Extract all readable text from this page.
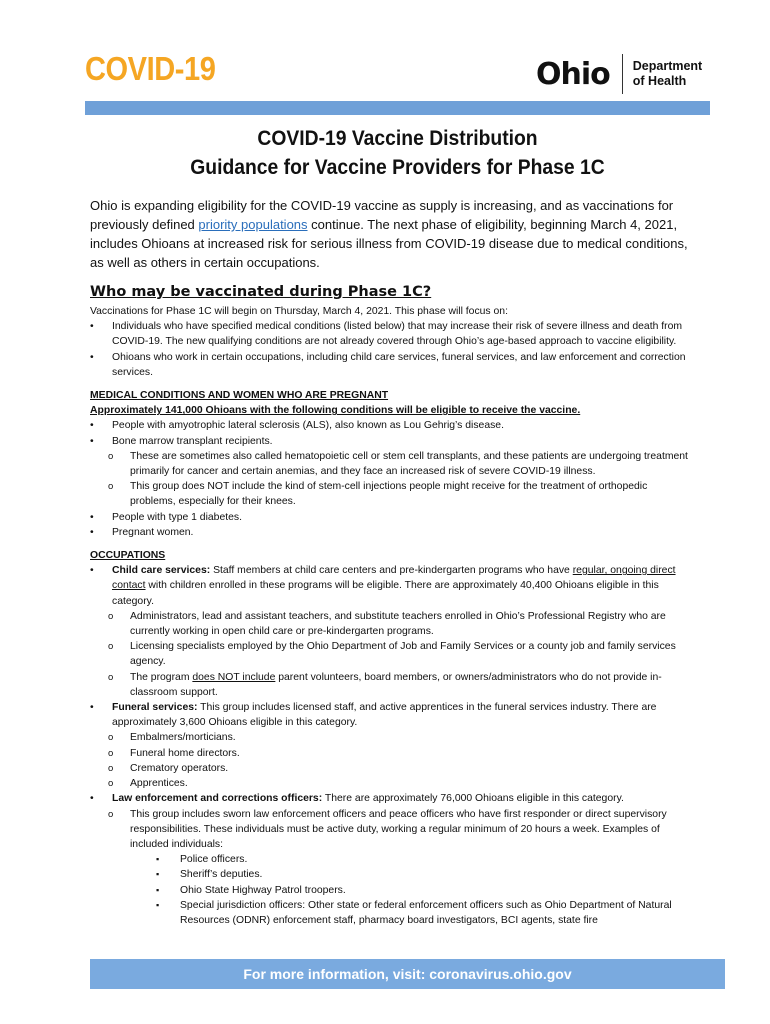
COVID-19	Ohio Department
of Health
COVID-19 Vaccine Distribution
Guidance for Vaccine Providers for Phase 1C

Ohio is expanding eligibility for the COVID-19 vaccine as supply is increasing, and as vaccinations for previously defined priority populations continue. The next phase of eligibility, beginning March 4, 2021, includes Ohioans at increased risk for serious illness from COVID-19 disease due to medical conditions, as well as others in certain occupations.

Who may be vaccinated during Phase 1C?

Vaccinations for Phase 1C will begin on Thursday, March 4, 2021. This phase will focus on:

• Individuals who have specified medical conditions (listed below) that may increase their risk of severe illness and death from COVID-19. The new qualifying conditions are not already covered through Ohio’s age-based approach to vaccine eligibility.
• Ohioans who work in certain occupations, including child care services, funeral services, and law enforcement and correction services.
MEDICAL CONDITIONS AND WOMEN WHO ARE PREGNANT
Approximately 141,000 Ohioans with the following conditions will be eligible to receive the vaccine.
• People with amyotrophic lateral sclerosis (ALS), also known as Lou Gehrig’s disease.
• Bone marrow transplant recipients.
o These are sometimes also called hematopoietic cell or stem cell transplants, and these patients are undergoing treatment primarily for cancer and certain anemias, and they face an increased risk of severe COVID-19 illness.
o This group does NOT include the kind of stem-cell injections people might receive for the treatment of orthopedic problems, especially for their knees.
• People with type 1 diabetes.
• Pregnant women.
OCCUPATIONS
• Child care services: Staff members at child care centers and pre-kindergarten programs who have regular, ongoing direct contact with children enrolled in these programs will be eligible. There are approximately 40,400 Ohioans eligible in this category.
o Administrators, lead and assistant teachers, and substitute teachers enrolled in Ohio’s Professional Registry who are currently working in open child care or pre-kindergarten programs.
o Licensing specialists employed by the Ohio Department of Job and Family Services or a county job and family services agency.
o The program does NOT include parent volunteers, board members, or owners/administrators who do not provide in-classroom support.
• Funeral services: This group includes licensed staff, and active apprentices in the funeral services industry. There are approximately 3,600 Ohioans eligible in this category.
o Embalmers/morticians.
o Funeral home directors.
o Crematory operators.
o Apprentices.
• Law enforcement and corrections officers: There are approximately 76,000 Ohioans eligible in this category.
o This group includes sworn law enforcement officers and peace officers who have first responder or direct supervisory responsibilities. These individuals must be active duty, working a regular minimum of 20 hours a week. Examples of included individuals:
▪ Police officers.
▪ Sheriff’s deputies.
▪ Ohio State Highway Patrol troopers.
▪ Special jurisdiction officers: Other state or federal enforcement officers such as Ohio Department of Natural Resources (ODNR) enforcement staff, pharmacy board investigators, BCI agents, state fire
For more information, visit: coronavirus.ohio.gov
